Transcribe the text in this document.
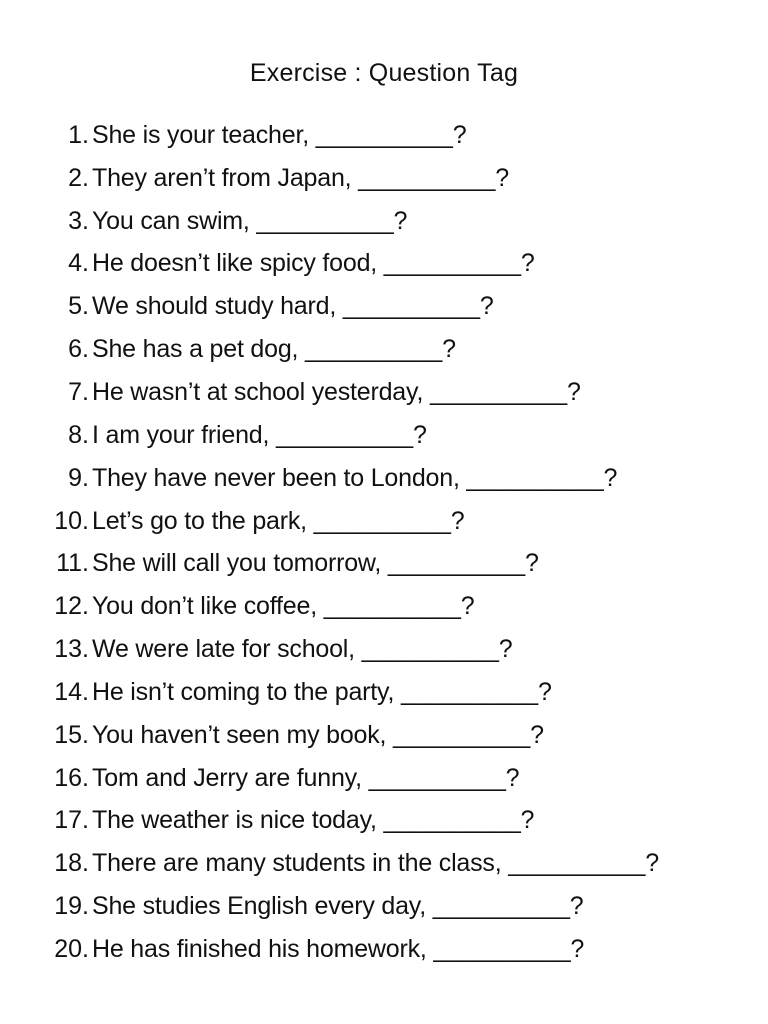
Exercise : Question Tag
1. She is your teacher, __________?
2. They aren’t from Japan, __________?
3. You can swim, __________?
4. He doesn’t like spicy food, __________?
5. We should study hard, __________?
6. She has a pet dog, __________?
7. He wasn’t at school yesterday, __________?
8. I am your friend, __________?
9. They have never been to London, __________?
10. Let’s go to the park, __________?
11. She will call you tomorrow, __________?
12. You don’t like coffee, __________?
13. We were late for school, __________?
14. He isn’t coming to the party, __________?
15. You haven’t seen my book, __________?
16. Tom and Jerry are funny, __________?
17. The weather is nice today, __________?
18. There are many students in the class, __________?
19. She studies English every day, __________?
20. He has finished his homework, __________?
